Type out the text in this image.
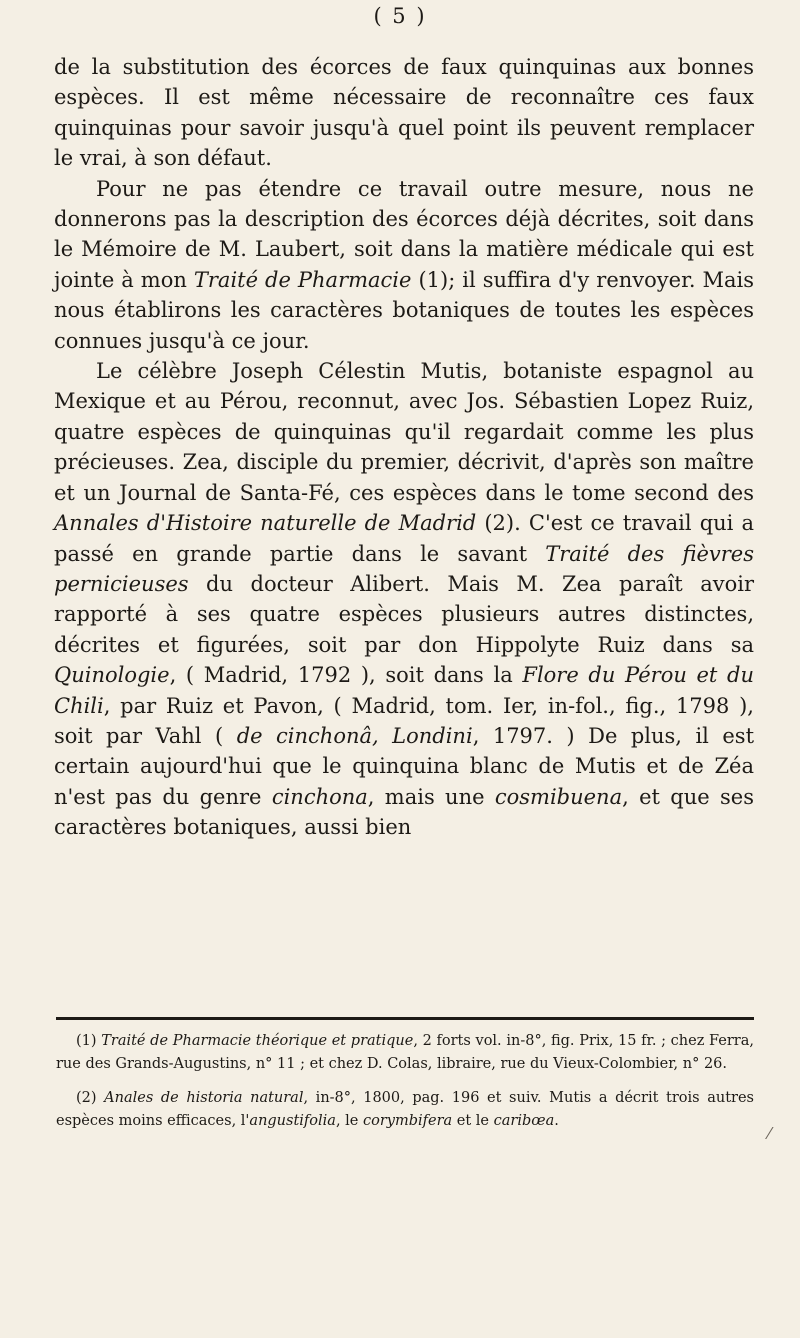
( 5 )

de la substitution des écorces de faux quinquinas aux bonnes espèces. Il est même nécessaire de reconnaître ces faux quinquinas pour savoir jusqu'à quel point ils peuvent remplacer le vrai, à son défaut.

Pour ne pas étendre ce travail outre mesure, nous ne donnerons pas la description des écorces déjà décrites, soit dans le Mémoire de M. Laubert, soit dans la matière médicale qui est jointe à mon Traité de Pharmacie (1); il suffira d'y renvoyer. Mais nous établirons les caractères botaniques de toutes les espèces connues jusqu'à ce jour.

Le célèbre Joseph Célestin Mutis, botaniste espagnol au Mexique et au Pérou, reconnut, avec Jos. Sébastien Lopez Ruiz, quatre espèces de quinquinas qu'il regardait comme les plus précieuses. Zea, disciple du premier, décrivit, d'après son maître et un Journal de Santa-Fé, ces espèces dans le tome second des Annales d'Histoire naturelle de Madrid (2). C'est ce travail qui a passé en grande partie dans le savant Traité des fièvres pernicieuses du docteur Alibert. Mais M. Zea paraît avoir rapporté à ses quatre espèces plusieurs autres distinctes, décrites et figurées, soit par don Hippolyte Ruiz dans sa Quinologie, ( Madrid, 1792 ), soit dans la Flore du Pérou et du Chili, par Ruiz et Pavon, ( Madrid, tom. Ier, in-fol., fig., 1798 ), soit par Vahl ( de cinchonâ, Londini, 1797. ) De plus, il est certain aujourd'hui que le quinquina blanc de Mutis et de Zéa n'est pas du genre cinchona, mais une cosmibuena, et que ses caractères botaniques, aussi bien

(1) Traité de Pharmacie théorique et pratique, 2 forts vol. in-8°, fig. Prix, 15 fr. ; chez Ferra, rue des Grands-Augustins, n° 11 ; et chez D. Colas, libraire, rue du Vieux-Colombier, n° 26.

(2) Anales de historia natural, in-8°, 1800, pag. 196 et suiv. Mutis a décrit trois autres espèces moins efficaces, l'angustifolia, le corymbifera et le caribœa.

⁄
